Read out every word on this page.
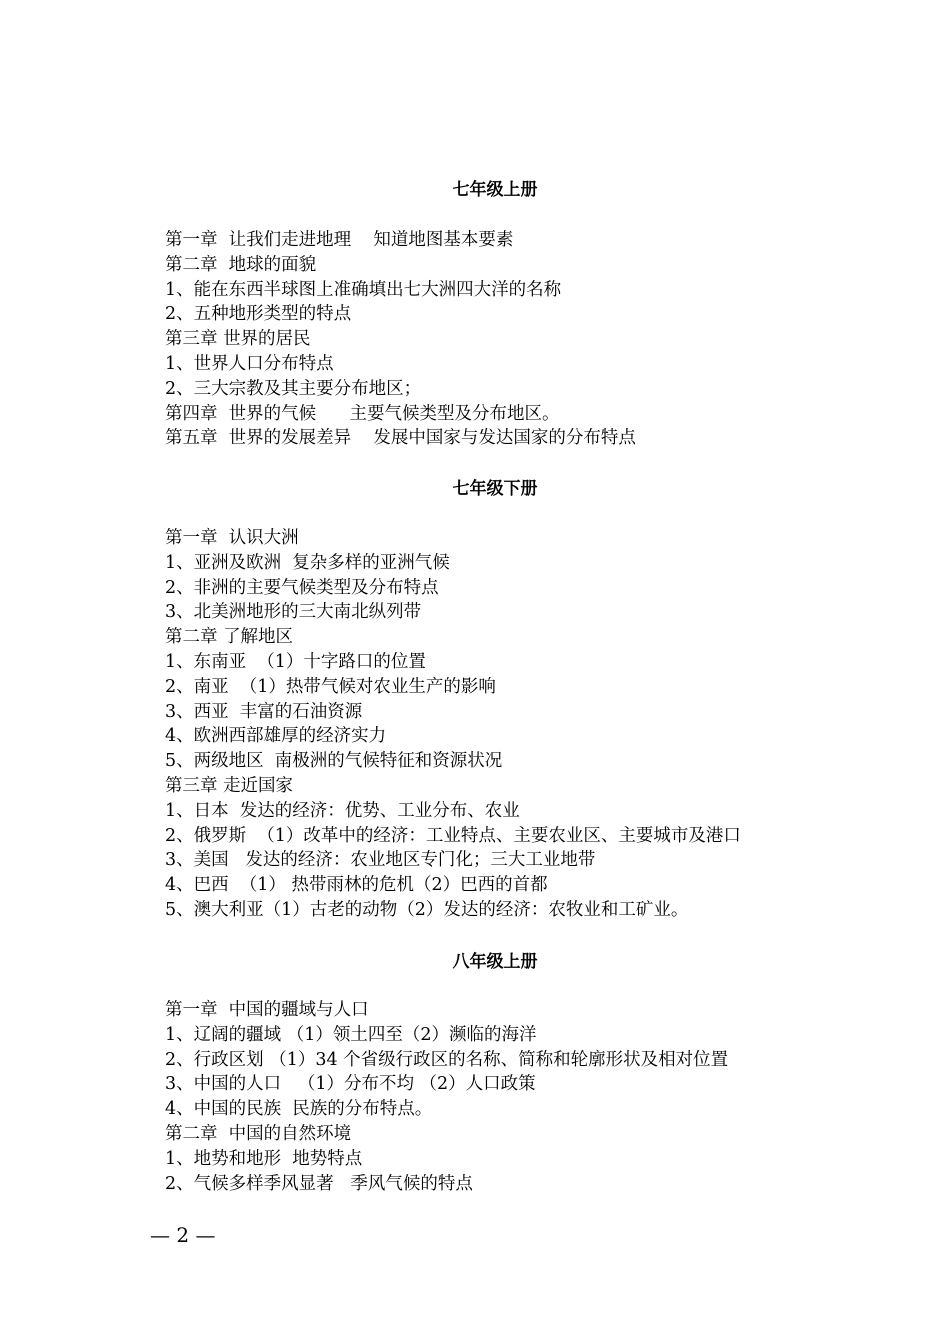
七年级上册
第一章  让我们走进地理    知道地图基本要素
第二章  地球的面貌
1、能在东西半球图上准确填出七大洲四大洋的名称
2、五种地形类型的特点
第三章 世界的居民
1、世界人口分布特点
2、三大宗教及其主要分布地区；
第四章  世界的气候      主要气候类型及分布地区。
第五章  世界的发展差异    发展中国家与发达国家的分布特点
七年级下册
第一章  认识大洲
1、亚洲及欧洲  复杂多样的亚洲气候
2、非洲的主要气候类型及分布特点
3、北美洲地形的三大南北纵列带
第二章 了解地区
1、东南亚  （1）十字路口的位置
2、南亚  （1）热带气候对农业生产的影响
3、西亚  丰富的石油资源
4、欧洲西部雄厚的经济实力
5、两级地区  南极洲的气候特征和资源状况
第三章 走近国家
1、日本  发达的经济：优势、工业分布、农业
2、俄罗斯  （1）改革中的经济：工业特点、主要农业区、主要城市及港口
3、美国   发达的经济：农业地区专门化；三大工业地带
4、巴西  （1） 热带雨林的危机（2）巴西的首都
5、澳大利亚（1）古老的动物（2）发达的经济：农牧业和工矿业。
八年级上册
第一章  中国的疆域与人口
1、辽阔的疆域 （1）领土四至（2）濒临的海洋
2、行政区划 （1）34 个省级行政区的名称、简称和轮廓形状及相对位置
3、中国的人口   （1）分布不均 （2）人口政策
4、中国的民族  民族的分布特点。
第二章  中国的自然环境
1、地势和地形  地势特点
2、气候多样季风显著   季风气候的特点
— 2 —
